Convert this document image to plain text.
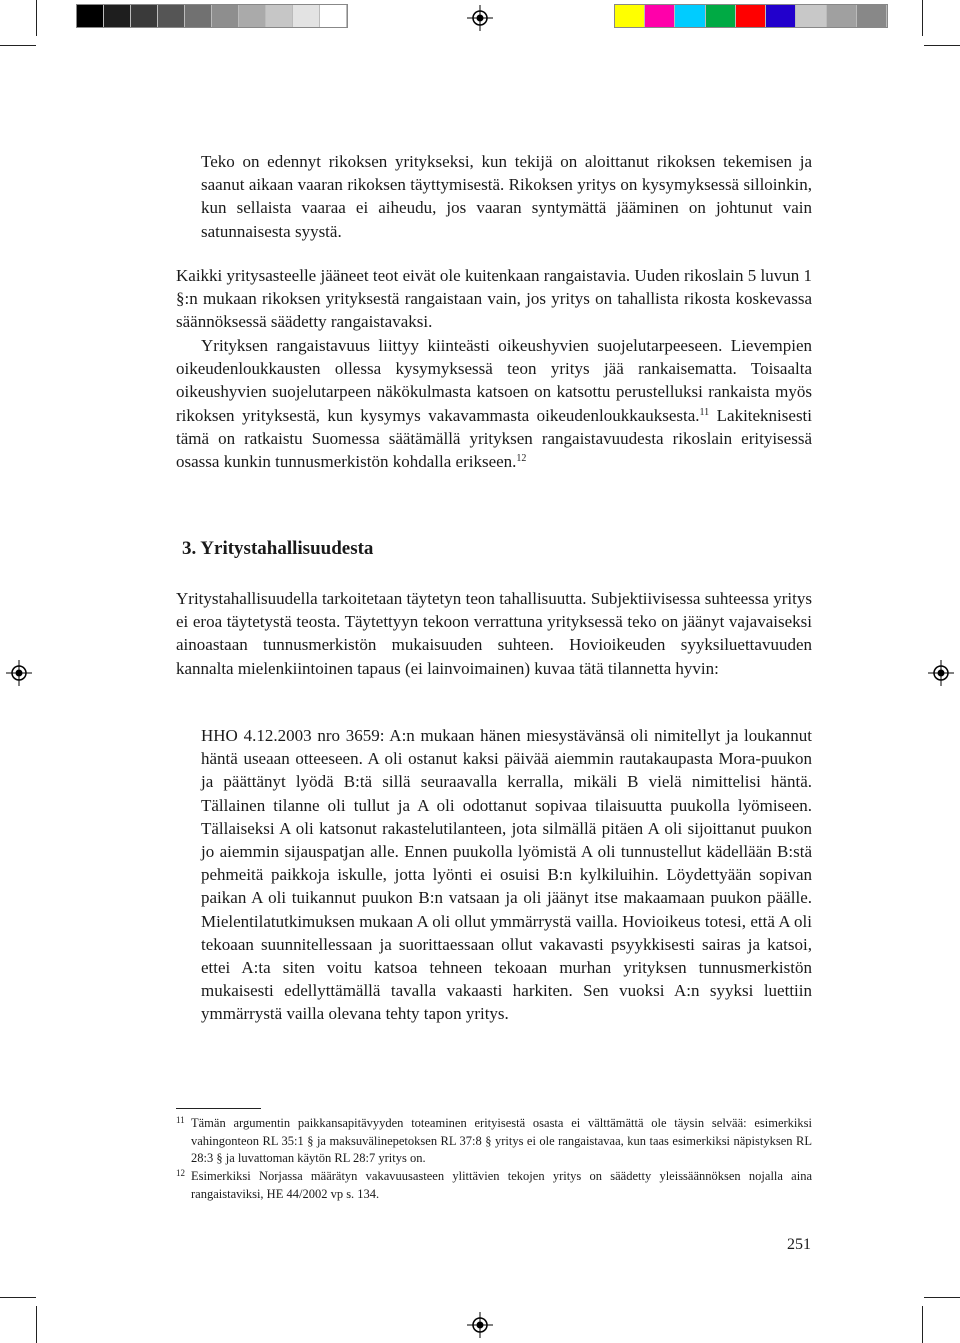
Teko on edennyt rikoksen yritykseksi, kun tekijä on aloittanut rikoksen tekemisen ja saanut aikaan vaaran rikoksen täyttymisestä. Rikoksen yritys on kysymyksessä silloinkin, kun sellaista vaaraa ei aiheudu, jos vaaran syntymättä jääminen on johtunut vain satunnaisesta syystä.

Kaikki yritysasteelle jääneet teot eivät ole kuitenkaan rangaistavia. Uuden rikoslain 5 luvun 1 §:n mukaan rikoksen yrityksestä rangaistaan vain, jos yritys on tahallista rikosta koskevassa säännöksessä säädetty rangaistavaksi.

Yrityksen rangaistavuus liittyy kiinteästi oikeushyvien suojelutarpeeseen. Lievempien oikeudenloukkausten ollessa kysymyksessä teon yritys jää rankaisematta. Toisaalta oikeushyvien suojelutarpeen näkökulmasta katsoen on katsottu perustelluksi rankaista myös rikoksen yrityksestä, kun kysymys vakavammasta oikeudenloukkauksesta.$^{11}$ Lakiteknisesti tämä on ratkaistu Suomessa säätämällä yrityksen rangaistavuudesta rikoslain erityisessä osassa kunkin tunnusmerkistön kohdalla erikseen.$^{12}$

3. Yritystahallisuudesta

Yritystahallisuudella tarkoitetaan täytetyn teon tahallisuutta. Subjektiivisessa suhteessa yritys ei eroa täytetystä teosta. Täytettyyn tekoon verrattuna yrityksessä teko on jäänyt vajavaiseksi ainoastaan tunnusmerkistön mukaisuuden suhteen. Hovioikeuden syyksiluettavuuden kannalta mielenkiintoinen tapaus (ei lainvoimainen) kuvaa tätä tilannetta hyvin:

HHO 4.12.2003 nro 3659: A:n mukaan hänen miesystävänsä oli nimitellyt ja loukannut häntä useaan otteeseen. A oli ostanut kaksi päivää aiemmin rautakaupasta Mora-puukon ja päättänyt lyödä B:tä sillä seuraavalla kerralla, mikäli B vielä nimittelisi häntä. Tällainen tilanne oli tullut ja A oli odottanut sopivaa tilaisuutta puukolla lyömiseen. Tällaiseksi A oli katsonut rakastelutilanteen, jota silmällä pitäen A oli sijoittanut puukon jo aiemmin sijauspatjan alle. Ennen puukolla lyömistä A oli tunnustellut kädellään B:stä pehmeitä paikkoja iskulle, jotta lyönti ei osuisi B:n kylkiluihin. Löydettyään sopivan paikan A oli tuikannut puukon B:n vatsaan ja oli jäänyt itse makaamaan puukon päälle. Mielentilatutkimuksen mukaan A oli ollut ymmärrystä vailla. Hovioikeus totesi, että A oli tekoaan suunnitellessaan ja suorittaessaan ollut vakavasti psyykkisesti sairas ja katsoi, ettei A:ta siten voitu katsoa tehneen tekoaan murhan yrityksen tunnusmerkistön mukaisesti edellyttämällä tavalla vakaasti harkiten. Sen vuoksi A:n syyksi luettiin ymmärrystä vailla olevana tehty tapon yritys.

11 Tämän argumentin paikkansapitävyyden toteaminen erityisestä osasta ei välttämättä ole täysin selvää: esimerkiksi vahingonteon RL 35:1 § ja maksuvälinepetoksen RL 37:8 § yritys ei ole rangaistavaa, kun taas esimerkiksi näpistyksen RL 28:3 § ja luvattoman käytön RL 28:7 yritys on.
12 Esimerkiksi Norjassa määrätyn vakavuusasteen ylittävien tekojen yritys on säädetty yleissäännöksen nojalla aina rangaistaviksi, HE 44/2002 vp s. 134.
251
